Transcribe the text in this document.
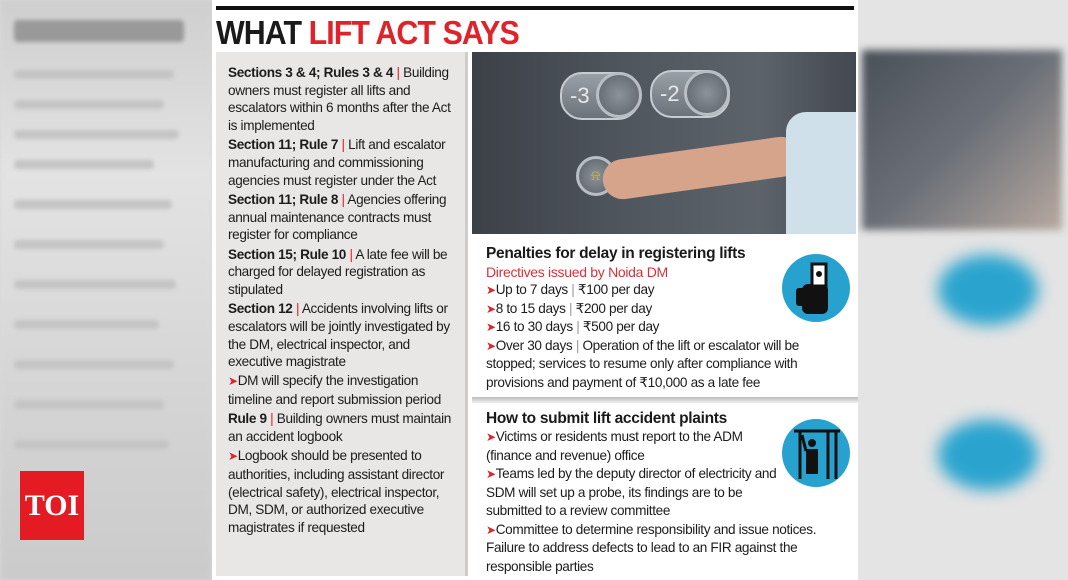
TOI
WHAT LIFT ACT SAYS
Sections 3 & 4; Rules 3 & 4 | Building owners must register all lifts and escalators within 6 months after the Act is implemented
Section 11; Rule 7 | Lift and escalator manufacturing and commissioning agencies must register under the Act
Section 11; Rule 8 | Agencies offering annual maintenance contracts must register for compliance
Section 15; Rule 10 | A late fee will be charged for delayed registration as stipulated
Section 12 | Accidents involving lifts or escalators will be jointly investigated by the DM, electrical inspector, and executive magistrate
➤DM will specify the investigation timeline and report submission period
Rule 9 | Building owners must maintain an accident logbook
➤Logbook should be presented to authorities, including assistant director (electrical safety), electrical inspector, DM, SDM, or authorized executive magistrates if requested
-3	-2
⍾
Penalties for delay in registering lifts
Directives issued by Noida DM
➤Up to 7 days | ₹100 per day
➤8 to 15 days | ₹200 per day
➤16 to 30 days | ₹500 per day
➤Over 30 days | Operation of the lift or escalator will be stopped; services to resume only after compliance with provisions and payment of ₹10,000 as a late fee
How to submit lift accident plaints
➤Victims or residents must report to the ADM (finance and revenue) office
➤Teams led by the deputy director of electricity and SDM will set up a probe, its findings are to be submitted to a review committee
➤Committee to determine responsibility and issue notices. Failure to address defects to lead to an FIR against the responsible parties
